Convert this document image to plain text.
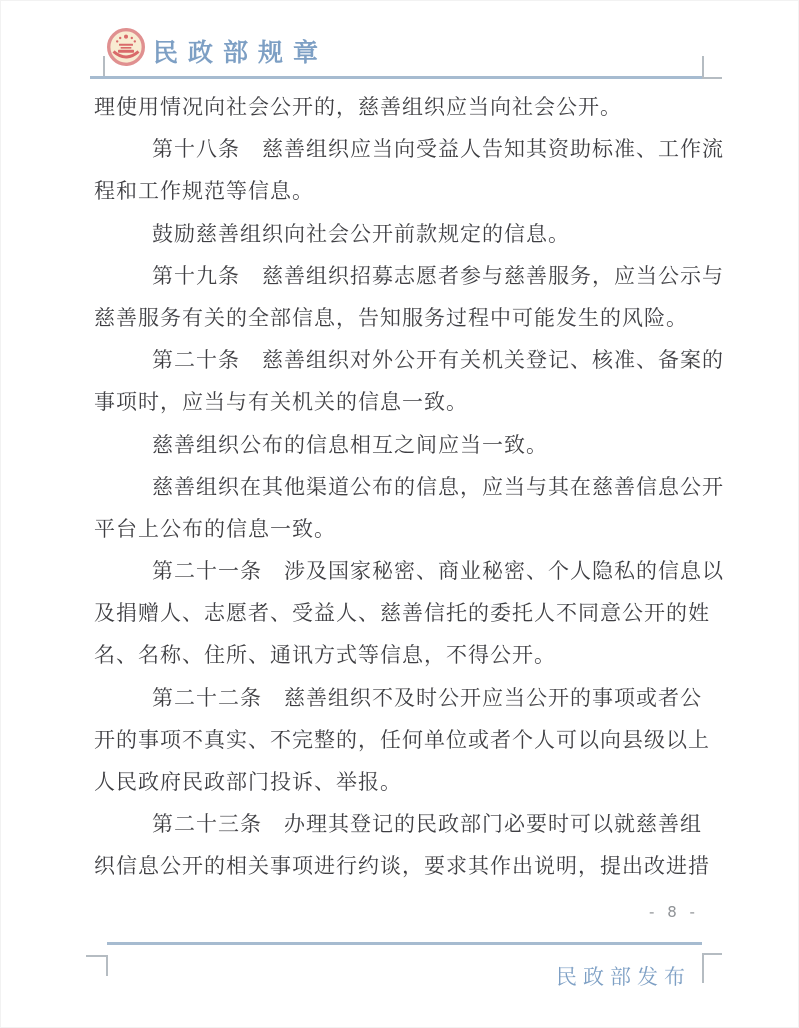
民政部规章
理使用情况向社会公开的，慈善组织应当向社会公开。
第十八条　慈善组织应当向受益人告知其资助标准、工作流
程和工作规范等信息。
鼓励慈善组织向社会公开前款规定的信息。
第十九条　慈善组织招募志愿者参与慈善服务，应当公示与
慈善服务有关的全部信息，告知服务过程中可能发生的风险。
第二十条　慈善组织对外公开有关机关登记、核准、备案的
事项时，应当与有关机关的信息一致。
慈善组织公布的信息相互之间应当一致。
慈善组织在其他渠道公布的信息，应当与其在慈善信息公开
平台上公布的信息一致。
第二十一条　涉及国家秘密、商业秘密、个人隐私的信息以
及捐赠人、志愿者、受益人、慈善信托的委托人不同意公开的姓
名、名称、住所、通讯方式等信息，不得公开。
第二十二条　慈善组织不及时公开应当公开的事项或者公
开的事项不真实、不完整的，任何单位或者个人可以向县级以上
人民政府民政部门投诉、举报。
第二十三条　办理其登记的民政部门必要时可以就慈善组
织信息公开的相关事项进行约谈，要求其作出说明，提出改进措
- 8 -
民政部发布
